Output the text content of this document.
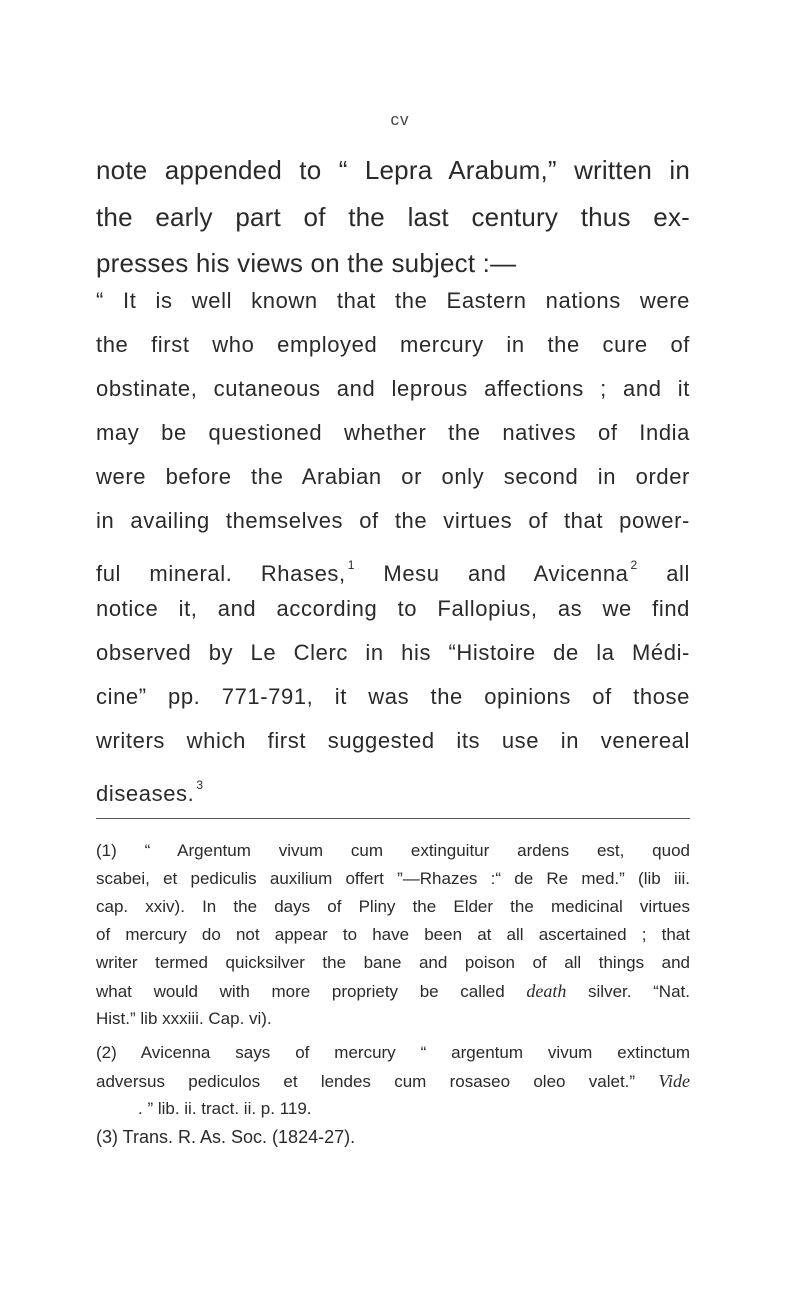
cv
note appended to “ Lepra Arabum,” written in
the early part of the last century thus ex-
presses his views on the subject :—
“ It is well known that the Eastern nations were
the first who employed mercury in the cure of
obstinate, cutaneous and leprous affections ; and it
may be questioned whether the natives of India
were before the Arabian or only second in order
in availing themselves of the virtues of that power-
ful mineral. Rhases, $^1$ Mesu and Avicenna $^2$ all
notice it, and according to Fallopius, as we find
observed by Le Clerc in his “Histoire de la Médi-
cine” pp. 771-791, it was the opinions of those
writers which first suggested its use in venereal
diseases. $^3$
(1) “ Argentum vivum cum extinguitur ardens est, quod
scabei, et pediculis auxilium offert ”—Rhazes :“ de Re med.” (lib iii.
cap. xxiv). In the days of Pliny the Elder the medicinal virtues
of mercury do not appear to have been at all ascertained ; that
writer termed quicksilver the bane and poison of all things and
what would with more propriety be called death silver. “Nat.
Hist.” lib xxxiii. Cap. vi).
(2) Avicenna says of mercury “ argentum vivum extinctum
adversus pediculos et lendes cum rosaseo oleo valet.” Vide
. ” lib. ii. tract. ii. p. 119.
(3) Trans. R. As. Soc. (1824-27).
